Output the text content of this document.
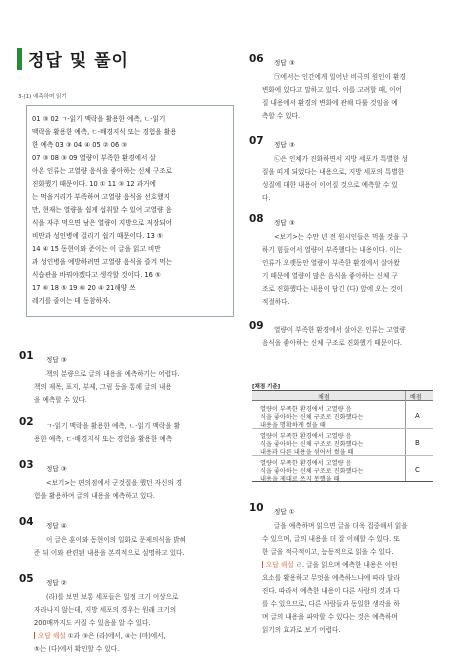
정답 및 풀이
3-(1) 예측하며 읽기
01 ③ 02 ㄱ-읽기 맥락을 활용한 예측, ㄴ-읽기
맥락을 활용한 예측, ㄷ-배경지식 또는 경험을 활용
한 예측 03 ③ 04 ④ 05 ② 06 ③
07 ③ 08 ③ 09 열량이 부족한 환경에서 살
아온 인류는 고열량 음식을 좋아하는 신체 구조로
진화했기 때문이다. 10 ① 11 ③ 12 과거에
는 먹을거리가 부족하여 고열량 음식을 선호했지
만, 현재는 열량을 쉽게 섭취할 수 있어 고열량 음
식을 자주 먹으면 남은 열량이 지방으로 저장되어
비만과 성인병에 걸리기 쉽기 때문이다. 13 ⑤
14 ④ 15 동현이와 준이는 이 글을 읽고 비만
과 성인병을 예방하려면 고열량 음식을 즐겨 먹는
식습관을 바꿔야겠다고 생각할 것이다. 16 ⑤
17 ⑥ 18 ⑤ 19 ⑥ 20 ④ 21해양 쓰
레기를 줄이는 데 동참하자.
01 정답 ③
책의 분량으로 글의 내용을 예측하기는 어렵다.
책의 제목, 표지, 부제, 그림 등을 통해 글의 내용
을 예측할 수 있다.
02 ㄱ-읽기 맥락을 활용한 예측, ㄴ-읽기 맥락을 활
용한 예측, ㄷ-배경지식 또는 경험을 활용한 예측
03 정답 ③
<보기>는 편의점에서 군것질을 했던 자신의 경
험을 활용하여 글의 내용을 예측하고 있다.
04 정답 ④
이 글은 훈이와 동현이의 일화로 문제의식을 밝혀
준 뒤 이와 관련된 내용을 본격적으로 설명하고 있다.
05 정답 ②
(라)를 보면 보통 세포들은 일정 크기 이상으로
자라나지 않는데, 지방 세포의 경우는 원래 크기의
200배까지도 커질 수 있음을 알 수 있다.
오답 해설 ①과 ③은 (라)에서, ④는 (마)에서,
⑤는 (다)에서 확인할 수 있다.
06 정답 ③
㉠에서는 인간에게 일어난 비극의 원인이 환경
변화에 있다고 말하고 있다. 이를 고려할 때, 이어
질 내용에서 환경의 변화에 관해 다룰 것임을 예
측할 수 있다.
07 정답 ③
㉡은 인체가 진화하면서 지방 세포가 특별한 성
질을 띠게 되었다는 내용으로, 지방 세포의 특별한
성질에 대한 내용이 이어질 것으로 예측할 수 있
다.
08 정답 ③
<보기>는 수만 년 전 원시인들은 먹을 것을 구
하기 힘들어서 열량이 부족했다는 내용이다. 이는
인류가 오랫동안 열량이 부족한 환경에서 살아왔
기 때문에 열량이 많은 음식을 좋아하는 신체 구
조로 진화했다는 내용이 담긴 (다) 앞에 오는 것이
적절하다.
09 열량이 부족한 환경에서 살아온 인류는 고열량
음식을 좋아하는 신체 구조로 진화했기 때문이다.
[채점 기준]
채점	배점
열량이 부족한 환경에서 고열량 음
식을 좋아하는 신체 구조로 진화했다는
내용을 명확하게 썼을 때
A
열량이 부족한 환경에서 고열량 음
식을 좋아하는 신체 구조로 진화했다는
내용과 다른 내용을 섞어서 썼을 때
B
열량이 부족한 환경에서 고열량 음
식을 좋아하는 신체 구조로 진화했다는
내용을 제대로 쓰지 못했을 때
C
10 정답 ①
글을 예측하며 읽으면 글을 더욱 집중해서 읽을
수 있으며, 글의 내용을 더 잘 이해할 수 있다. 또
한 글을 적극적이고, 능동적으로 읽을 수 있다.
오답 해설 ㄹ. 글을 읽으며 예측한 내용은 어떤
요소를 활용하고 무엇을 예측하느냐에 따라 달라
진다. 따라서 예측한 내용이 다른 사람의 것과 다
를 수 있으므로, 다른 사람들과 동일한 생각을 하
며 글의 내용을 파악할 수 있다는 것은 예측하며
읽기의 효과로 보기 어렵다.
